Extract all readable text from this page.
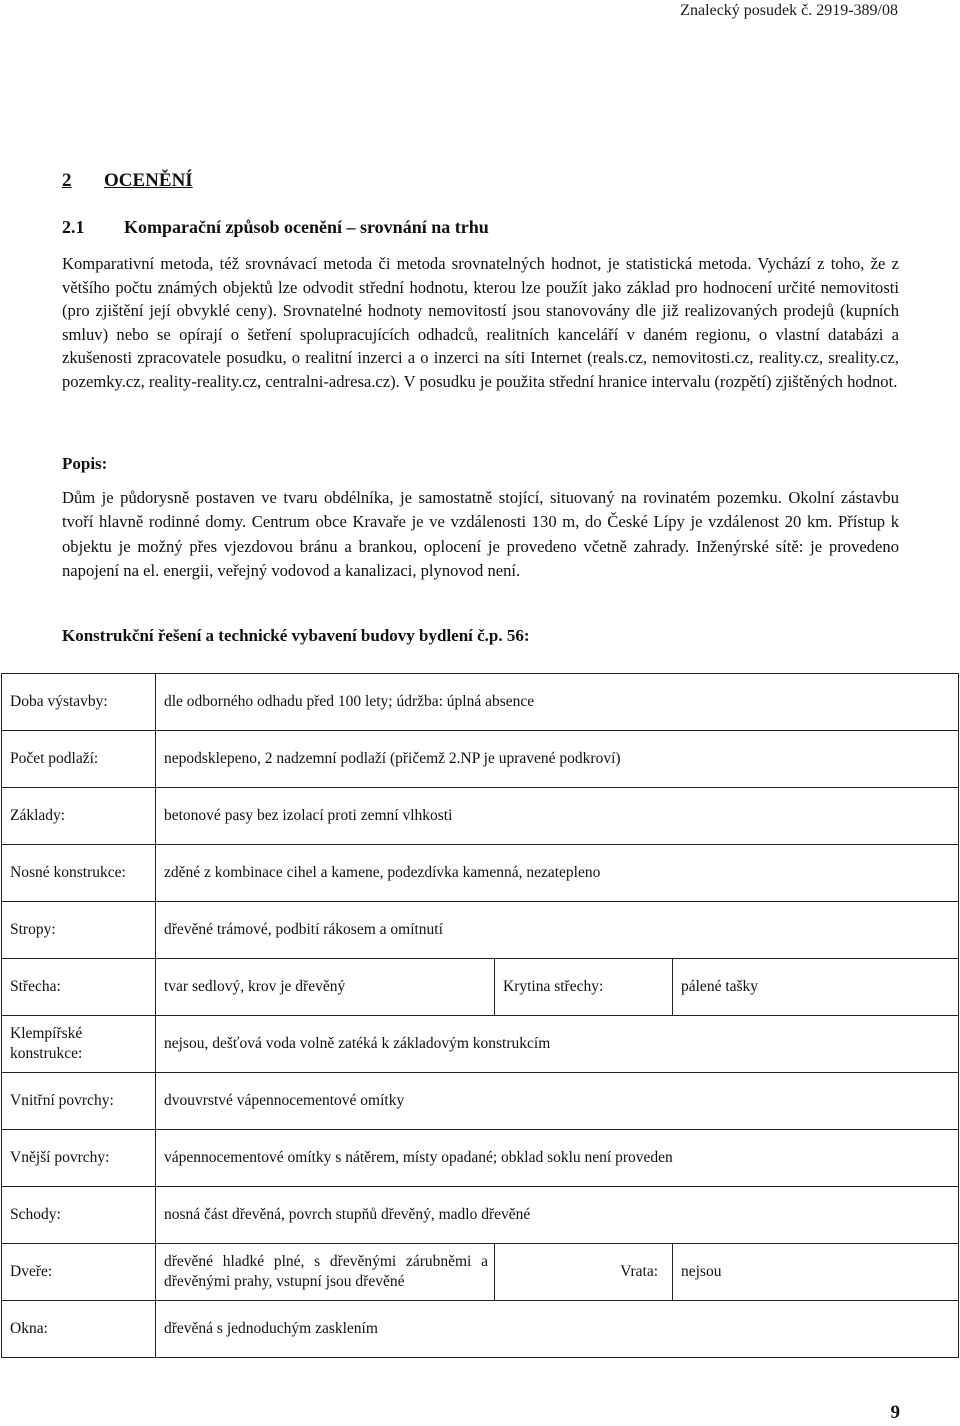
Znalecký posudek č. 2919-389/08
2 OCENĚNÍ
2.1 Komparační způsob ocenění – srovnání na trhu

Komparativní metoda, též srovnávací metoda či metoda srovnatelných hodnot, je statistická metoda. Vychází z toho, že z většího počtu známých objektů lze odvodit střední hodnotu, kterou lze použít jako základ pro hodnocení určité nemovitosti (pro zjištění její obvyklé ceny). Srovnatelné hodnoty nemovitostí jsou stanovovány dle již realizovaných prodejů (kupních smluv) nebo se opírají o šetření spolupracujících odhadců, realitních kanceláří v daném regionu, o vlastní databázi a zkušenosti zpracovatele posudku, o realitní inzerci a o inzerci na síti Internet (reals.cz, nemovitosti.cz, reality.cz, sreality.cz, pozemky.cz, reality-reality.cz, centralni-adresa.cz). V posudku je použita střední hranice intervalu (rozpětí) zjištěných hodnot.

Popis:

Dům je půdorysně postaven ve tvaru obdélníka, je samostatně stojící, situovaný na rovinatém pozemku. Okolní zástavbu tvoří hlavně rodinné domy. Centrum obce Kravaře je ve vzdálenosti 130 m, do České Lípy je vzdálenost 20 km. Přístup k objektu je možný přes vjezdovou bránu a brankou, oplocení je provedeno včetně zahrady. Inženýrské sítě: je provedeno napojení na el. energii, veřejný vodovod a kanalizaci, plynovod není.

Konstrukční řešení a technické vybavení budovy bydlení č.p. 56:

Doba výstavby:	dle odborného odhadu před 100 lety; údržba: úplná absence		
Počet podlaží:	nepodsklepeno, 2 nadzemní podlaží (přičemž 2.NP je upravené podkroví)		
Základy:	betonové pasy bez izolací proti zemní vlhkosti		
Nosné konstrukce:	zděné z kombinace cihel a kamene, podezdívka kamenná, nezatepleno		
Stropy:	dřevěné trámové, podbití rákosem a omítnutí		
Střecha:	tvar sedlový, krov je dřevěný	Krytina střechy:	pálené tašky
Klempířské konstrukce:	nejsou, dešťová voda volně zatéká k základovým konstrukcím		
Vnitřní povrchy:	dvouvrstvé vápennocementové omítky		
Vnější povrchy:	vápennocementové omítky s nátěrem, místy opadané; obklad soklu není proveden		
Schody:	nosná část dřevěná, povrch stupňů dřevěný, madlo dřevěné		
Dveře:	dřevěné hladké plné, s dřevěnými zárubněmi a dřevěnými prahy, vstupní jsou dřevěné	Vrata:	nejsou
Okna:	dřevěná s jednoduchým zasklením		
9
